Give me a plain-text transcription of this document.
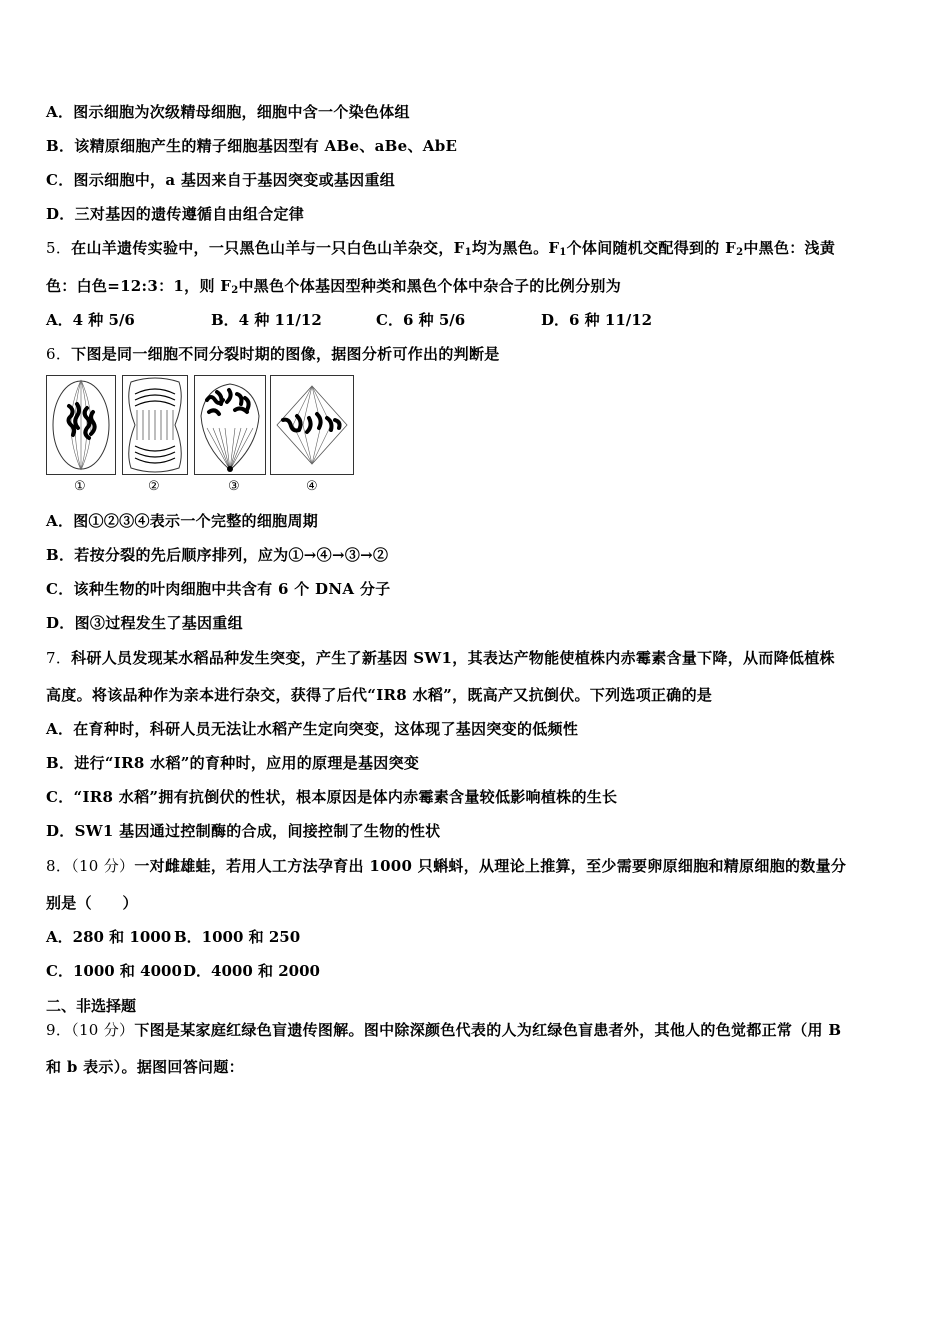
A．图示细胞为次级精母细胞，细胞中含一个染色体组
B．该精原细胞产生的精子细胞基因型有 ABe、aBe、AbE
C．图示细胞中，a 基因来自于基因突变或基因重组
D．三对基因的遗传遵循自由组合定律
5．在山羊遗传实验中，一只黑色山羊与一只白色山羊杂交，$F_1$均为黑色。$F_1$个体间随机交配得到的 $F_2$中黑色：浅黄
色：白色=12:3：1，则 $F_2$中黑色个体基因型种类和黑色个体中杂合子的比例分别为
A．4 种 5/6	B．4 种 11/12	C．6 种 5/6	D．6 种 11/12
6．下图是同一细胞不同分裂时期的图像，据图分析可作出的判断是
①	②	③	④
A．图①②③④表示一个完整的细胞周期
B．若按分裂的先后顺序排列，应为①→④→③→②
C．该种生物的叶肉细胞中共含有 6 个 DNA 分子
D．图③过程发生了基因重组
7．科研人员发现某水稻品种发生突变，产生了新基因 SW1，其表达产物能使植株内赤霉素含量下降，从而降低植株
高度。将该品种作为亲本进行杂交，获得了后代“IR8 水稻”，既高产又抗倒伏。下列选项正确的是
A．在育种时，科研人员无法让水稻产生定向突变，这体现了基因突变的低频性
B．进行“IR8 水稻”的育种时，应用的原理是基因突变
C．“IR8 水稻”拥有抗倒伏的性状，根本原因是体内赤霉素含量较低影响植株的生长
D．SW1 基因通过控制酶的合成，间接控制了生物的性状
8．（10 分）一对雌雄蛙，若用人工方法孕育出 1000 只蝌蚪，从理论上推算，至少需要卵原细胞和精原细胞的数量分
别是（　　）
A．280 和 1000 B．1000 和 250
C．1000 和 4000D．4000 和 2000
二、非选择题
9．（10 分）下图是某家庭红绿色盲遗传图解。图中除深颜色代表的人为红绿色盲患者外，其他人的色觉都正常（用 B
和 b 表示）。据图回答问题：
